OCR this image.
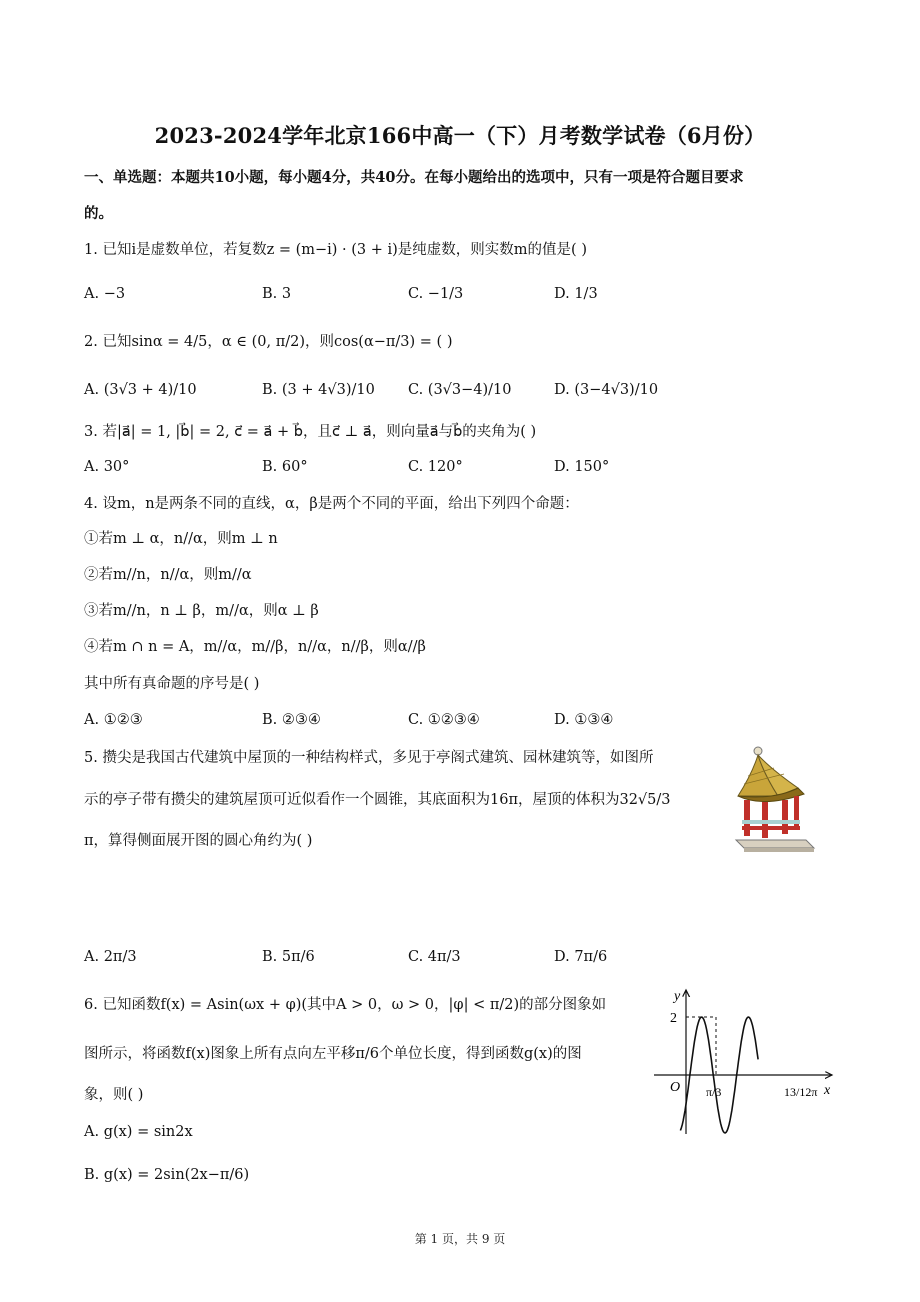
2023-2024学年北京166中高一（下）月考数学试卷（6月份）
一、单选题：本题共10小题，每小题4分，共40分。在每小题给出的选项中，只有一项是符合题目要求
的。
1. 已知i是虚数单位，若复数z = (m−i) · (3 + i)是纯虚数，则实数m的值是( )
A. −3	B. 3	C. −1/3	D. 1/3
2. 已知sinα = 4/5，α ∈ (0, π/2)，则cos(α−π/3) = ( )
A. (3√3 + 4)/10	B. (3 + 4√3)/10 C. (3√3−4)/10	D. (3−4√3)/10
3. 若|a⃗| = 1, |b⃗| = 2, c⃗ = a⃗ + b⃗，且c⃗ ⊥ a⃗，则向量a⃗与b⃗的夹角为( )
A. 30°	B. 60°	C. 120°	D. 150°
4. 设m，n是两条不同的直线，α，β是两个不同的平面，给出下列四个命题：
①若m ⊥ α，n//α，则m ⊥ n
②若m//n，n//α，则m//α
③若m//n，n ⊥ β，m//α，则α ⊥ β
④若m ∩ n = A，m//α，m//β，n//α，n//β，则α//β
其中所有真命题的序号是( )
A. ①②③	B. ②③④	C. ①②③④	D. ①③④
5. 攒尖是我国古代建筑中屋顶的一种结构样式，多见于亭阁式建筑、园林建筑等，如图所
示的亭子带有攒尖的建筑屋顶可近似看作一个圆锥，其底面积为16π，屋顶的体积为32√5/3
π，算得侧面展开图的圆心角约为( )
A. 2π/3	B. 5π/6	C. 4π/3	D. 7π/6
6. 已知函数f(x) = Asin(ωx + φ)(其中A > 0，ω > 0，|φ| < π/2)的部分图象如
图所示，将函数f(x)图象上所有点向左平移π/6个单位长度，得到函数g(x)的图
象，则( )
A. g(x) = sin2x
B. g(x) = 2sin(2x−π/6)
y
x
O
2
π/3	13/12π
第 1 页，共 9 页
